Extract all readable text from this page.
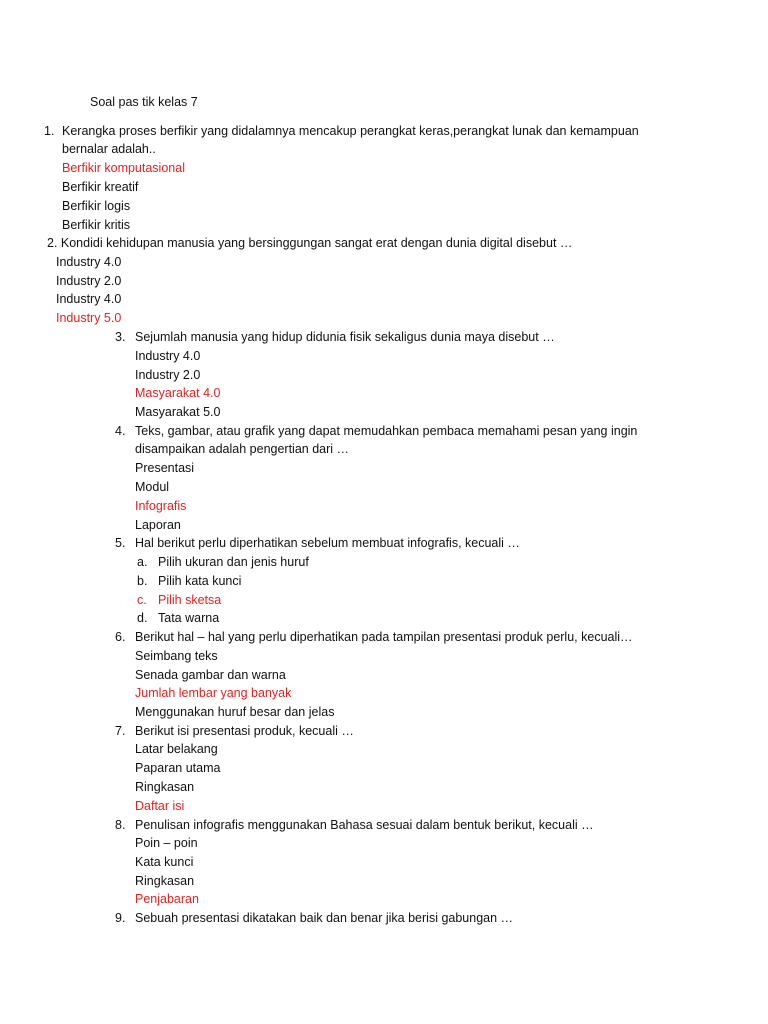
Soal pas tik kelas 7
1. Kerangka proses berfikir yang didalamnya mencakup perangkat keras,perangkat lunak dan kemampuan
bernalar adalah..
Berfikir komputasional
Berfikir kreatif
Berfikir logis
Berfikir kritis
2. Kondidi kehidupan manusia yang bersinggungan sangat erat dengan dunia digital disebut …
Industry 4.0
Industry 2.0
Industry 4.0
Industry 5.0
3. Sejumlah manusia yang hidup didunia fisik sekaligus dunia maya disebut …
Industry 4.0
Industry 2.0
Masyarakat 4.0
Masyarakat 5.0
4. Teks, gambar, atau grafik yang dapat memudahkan pembaca memahami pesan yang ingin
disampaikan adalah pengertian dari …
Presentasi
Modul
Infografis
Laporan
5. Hal berikut perlu diperhatikan sebelum membuat infografis, kecuali …
a. Pilih ukuran dan jenis huruf
b. Pilih kata kunci
c. Pilih sketsa
d. Tata warna
6. Berikut hal – hal yang perlu diperhatikan pada tampilan presentasi produk perlu, kecuali…
Seimbang teks
Senada gambar dan warna
Jumlah lembar yang banyak
Menggunakan huruf besar dan jelas
7. Berikut isi presentasi produk, kecuali …
Latar belakang
Paparan utama
Ringkasan
Daftar isi
8. Penulisan infografis menggunakan Bahasa sesuai dalam bentuk berikut, kecuali …
Poin – poin
Kata kunci
Ringkasan
Penjabaran
9. Sebuah presentasi dikatakan baik dan benar jika berisi gabungan …
